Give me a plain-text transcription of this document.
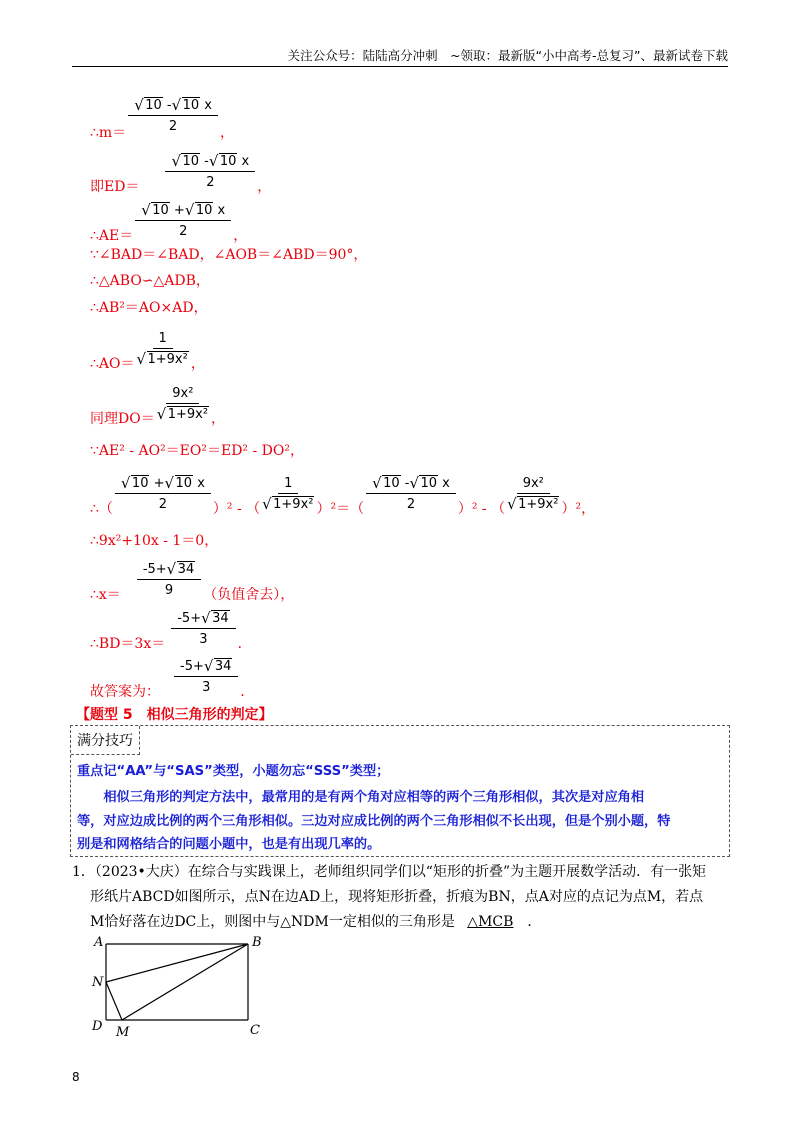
关注公众号：陆陆高分冲刺　~领取：最新版“小中高考-总复习”、最新试卷下载
∴m＝ √ $\frac{10 - √ 10 x}{2}$ ，
即ED＝ √ $\frac{10 - √ 10 x}{2}$ ，
∴AE＝ √ $\frac{10 + √ 10 x}{2}$ ，
∵∠BAD＝∠BAD，∠AOB＝∠ABD＝90°，
∴△ABO∽△ADB，
∴AB²＝AO×AD，
∴AO＝ 1
√ 1+9x² ，
同理DO＝ 9x²
√ 1+9x² ，
∵AE² - AO²＝EO²＝ED² - DO²，
∴（ √ $\frac{10 + √ 10 x}{2} )^2$ - （ 1
√ 1+9x² ）²＝（ √ $\frac{10 - √ 10 x}{2} )^2$ - （ 9x²
√ 1+9x² ）²，
∴9x²+10x - 1＝0，
∴x＝ $\frac{-5+ √ 34}{9}$ （负值舍去），
∴BD＝3x＝ $\frac{-5+ √ 34}{3}$ ．
故答案为： $\frac{-5+ √ 34}{3}$ ．
【题型 5　相似三角形的判定】
满分技巧
重点记“AA”与“SAS”类型，小题勿忘“SSS”类型；
　　相似三角形的判定方法中，最常用的是有两个角对应相等的两个三角形相似，其次是对应角相
等，对应边成比例的两个三角形相似。三边对应成比例的两个三角形相似不长出现，但是个别小题，特
别是和网格结合的问题小题中，也是有出现几率的。
1．（2023•大庆）在综合与实践课上，老师组织同学们以“矩形的折叠”为主题开展数学活动．有一张矩
形纸片ABCD如图所示，点N在边AD上，现将矩形折叠，折痕为BN，点A对应的点记为点M，若点
M恰好落在边DC上，则图中与△NDM一定相似的三角形是 △MCB ．
A	B
C
D M
N
8
